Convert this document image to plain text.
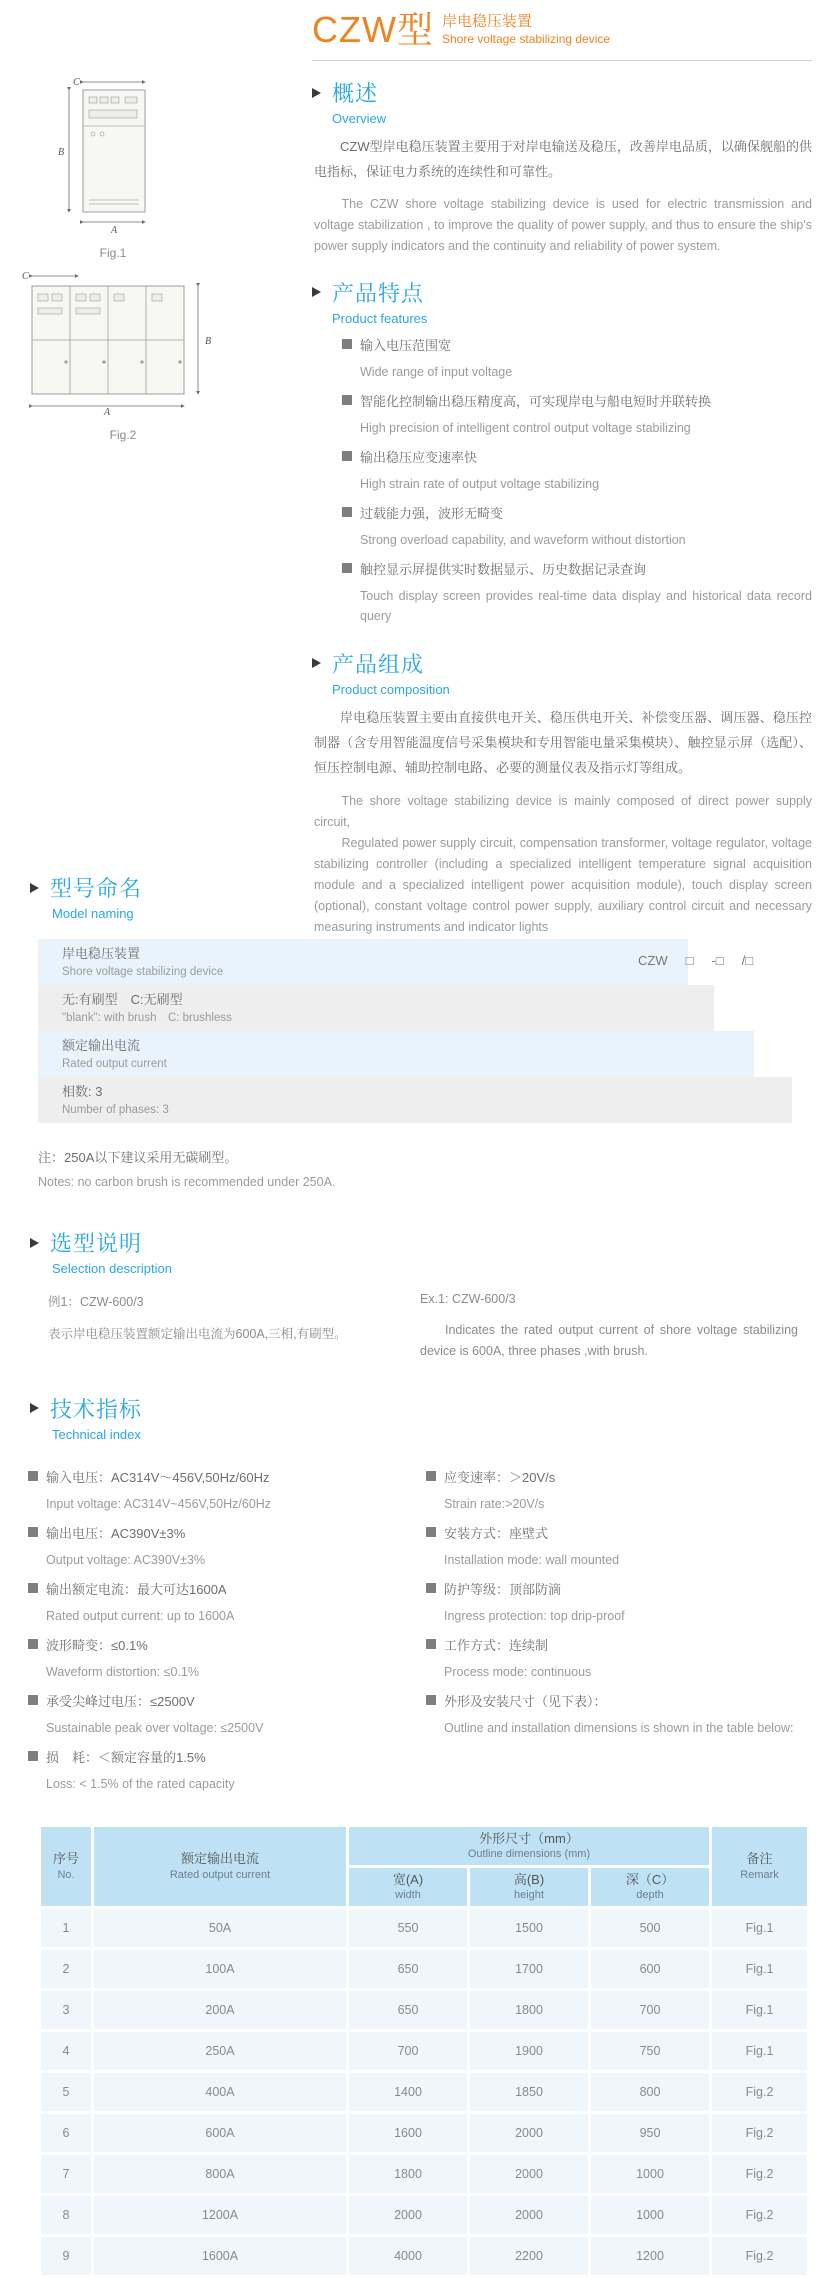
C
B
A
Fig.1
C
B
A
Fig.2
CZW型 岸电稳压装置
Shore voltage stabilizing device
概述
Overview

CZW型岸电稳压装置主要用于对岸电输送及稳压，改善岸电品质，以确保舰船的供电指标，保证电力系统的连续性和可靠性。

The CZW shore voltage stabilizing device is used for electric transmission and voltage stabilization , to improve the quality of power supply, and thus to ensure the ship's power supply indicators and the continuity and reliability of power system.

产品特点
Product features
输入电压范围宽
Wide range of input voltage
智能化控制输出稳压精度高，可实现岸电与船电短时并联转换
High precision of intelligent control output voltage stabilizing
输出稳压应变速率快
High strain rate of output voltage stabilizing
过载能力强，波形无畸变
Strong overload capability, and waveform without distortion
触控显示屏提供实时数据显示、历史数据记录查询
Touch display screen provides real-time data display and historical data record query
产品组成
Product composition

岸电稳压装置主要由直接供电开关、稳压供电开关、补偿变压器、调压器、稳压控制器（含专用智能温度信号采集模块和专用智能电量采集模块）、触控显示屏（选配）、恒压控制电源、辅助控制电路、必要的测量仪表及指示灯等组成。

The shore voltage stabilizing device is mainly composed of direct power supply circuit,

Regulated power supply circuit, compensation transformer, voltage regulator, voltage stabilizing controller (including a specialized intelligent temperature signal acquisition module and a specialized intelligent power acquisition module), touch display screen (optional), constant voltage control power supply, auxiliary control circuit and necessary measuring instruments and indicator lights

型号命名
Model naming
CZW □ -□ /□
岸电稳压装置
Shore voltage stabilizing device
无:有刷型　C:无刷型
"blank": with brush　C: brushless
额定输出电流
Rated output current
相数: 3
Number of phases: 3
注：250A以下建议采用无碳刷型。
Notes: no carbon brush is recommended under 250A.
选型说明
Selection description
例1：CZW-600/3

表示岸电稳压装置额定输出电流为600A,三相,有刷型。

Ex.1: CZW-600/3

Indicates the rated output current of shore voltage stabilizing device is 600A, three phases ,with brush.

技术指标
Technical index
输入电压：AC314V～456V,50Hz/60Hz
Input voltage: AC314V~456V,50Hz/60Hz
输出电压：AC390V±3%
Output voltage: AC390V±3%
输出额定电流：最大可达1600A
Rated output current: up to 1600A
波形畸变：≤0.1%
Waveform distortion: ≤0.1%
承受尖峰过电压：≤2500V
Sustainable peak over voltage: ≤2500V
损　耗：＜额定容量的1.5%
Loss: < 1.5% of the rated capacity
应变速率：＞20V/s
Strain rate:>20V/s
安装方式：座壁式
Installation mode: wall mounted
防护等级：顶部防滴
Ingress protection: top drip-proof
工作方式：连续制
Process mode: continuous
外形及安装尺寸（见下表）：
Outline and installation dimensions is shown in the table below:
序号
No.	额定输出电流
Rated output current	外形尺寸（mm）
Outline dimensions (mm)			备注
Remark

		宽(A)
width	高(B)
height	深（C）
depth	

1	50A	550	1500	500	Fig.1
2	100A	650	1700	600	Fig.1
3	200A	650	1800	700	Fig.1
4	250A	700	1900	750	Fig.1
5	400A	1400	1850	800	Fig.2
6	600A	1600	2000	950	Fig.2
7	800A	1800	2000	1000	Fig.2
8	1200A	2000	2000	1000	Fig.2
9	1600A	4000	2200	1200	Fig.2
